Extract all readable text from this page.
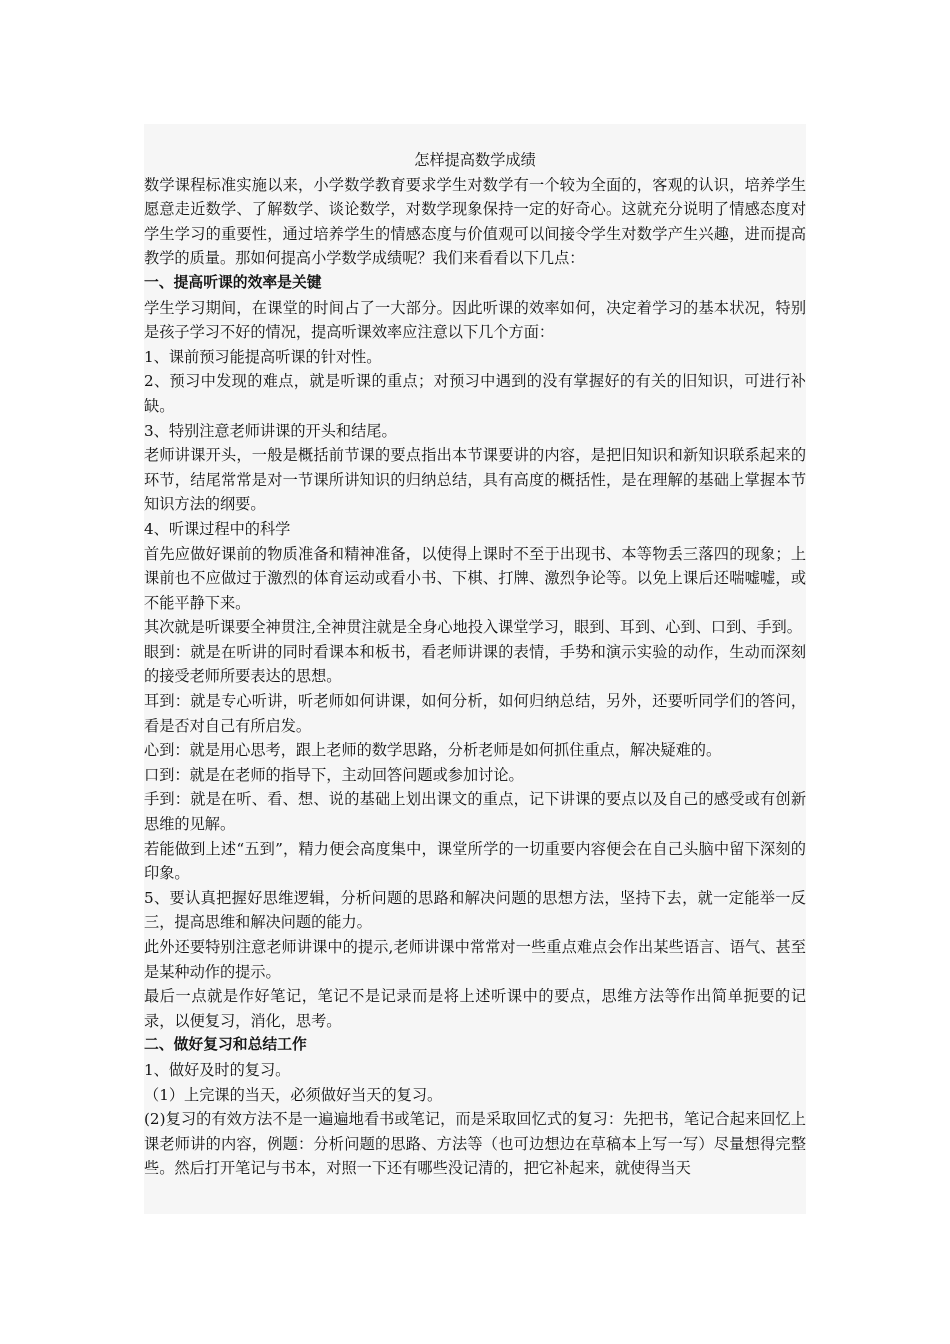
怎样提高数学成绩

数学课程标准实施以来，小学数学教育要求学生对数学有一个较为全面的，客观的认识，培养学生愿意走近数学、了解数学、谈论数学，对数学现象保持一定的好奇心。这就充分说明了情感态度对学生学习的重要性，通过培养学生的情感态度与价值观可以间接令学生对数学产生兴趣，进而提高教学的质量。那如何提高小学数学成绩呢？我们来看看以下几点：

一、提高听课的效率是关键

学生学习期间，在课堂的时间占了一大部分。因此听课的效率如何，决定着学习的基本状况，特别是孩子学习不好的情况，提高听课效率应注意以下几个方面：

1、课前预习能提高听课的针对性。

2、预习中发现的难点，就是听课的重点；对预习中遇到的没有掌握好的有关的旧知识，可进行补缺。

3、特别注意老师讲课的开头和结尾。

老师讲课开头，一般是概括前节课的要点指出本节课要讲的内容，是把旧知识和新知识联系起来的环节，结尾常常是对一节课所讲知识的归纳总结，具有高度的概括性，是在理解的基础上掌握本节知识方法的纲要。

4、听课过程中的科学

首先应做好课前的物质准备和精神准备，以使得上课时不至于出现书、本等物丢三落四的现象；上课前也不应做过于激烈的体育运动或看小书、下棋、打牌、激烈争论等。以免上课后还喘嘘嘘，或不能平静下来。

其次就是听课要全神贯注,全神贯注就是全身心地投入课堂学习，眼到、耳到、心到、口到、手到。

眼到：就是在听讲的同时看课本和板书，看老师讲课的表情，手势和演示实验的动作，生动而深刻的接受老师所要表达的思想。

耳到：就是专心听讲，听老师如何讲课，如何分析，如何归纳总结，另外，还要听同学们的答问，看是否对自己有所启发。

心到：就是用心思考，跟上老师的数学思路，分析老师是如何抓住重点，解决疑难的。

口到：就是在老师的指导下，主动回答问题或参加讨论。

手到：就是在听、看、想、说的基础上划出课文的重点，记下讲课的要点以及自己的感受或有创新思维的见解。

若能做到上述“五到”，精力便会高度集中，课堂所学的一切重要内容便会在自己头脑中留下深刻的印象。

5、要认真把握好思维逻辑，分析问题的思路和解决问题的思想方法，坚持下去，就一定能举一反三，提高思维和解决问题的能力。

此外还要特别注意老师讲课中的提示,老师讲课中常常对一些重点难点会作出某些语言、语气、甚至是某种动作的提示。

最后一点就是作好笔记，笔记不是记录而是将上述听课中的要点，思维方法等作出简单扼要的记录，以便复习，消化，思考。

二、做好复习和总结工作

1、做好及时的复习。

（1）上完课的当天，必须做好当天的复习。

(2)复习的有效方法不是一遍遍地看书或笔记，而是采取回忆式的复习：先把书，笔记合起来回忆上课老师讲的内容，例题：分析问题的思路、方法等（也可边想边在草稿本上写一写）尽量想得完整些。然后打开笔记与书本，对照一下还有哪些没记清的，把它补起来，就使得当天
